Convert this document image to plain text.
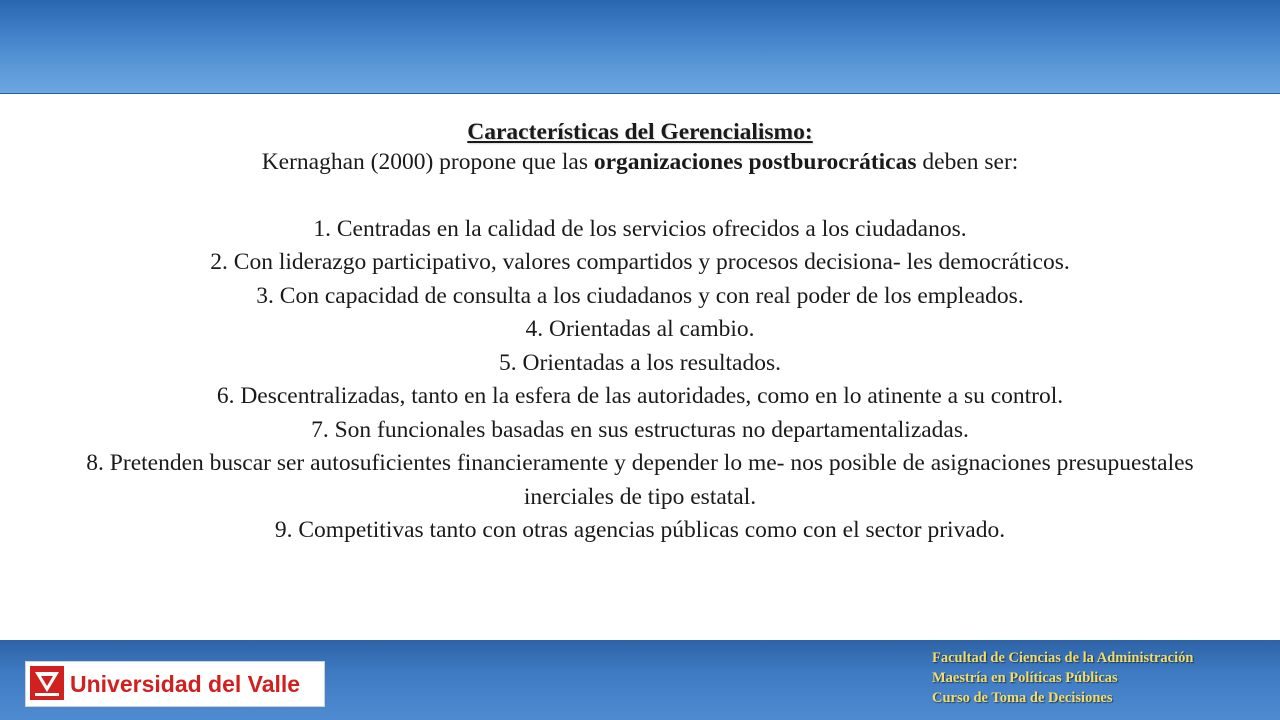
Características del Gerencialismo:

Kernaghan (2000) propone que las organizaciones postburocráticas deben ser:

1. Centradas en la calidad de los servicios ofrecidos a los ciudadanos.

2. Con liderazgo participativo, valores compartidos y procesos decisiona- les democráticos.

3. Con capacidad de consulta a los ciudadanos y con real poder de los empleados.

4. Orientadas al cambio.

5. Orientadas a los resultados.

6. Descentralizadas, tanto en la esfera de las autoridades, como en lo atinente a su control.

7. Son funcionales basadas en sus estructuras no departamentalizadas.

8. Pretenden buscar ser autosuficientes financieramente y depender lo me- nos posible de asignaciones presupuestales inerciales de tipo estatal.

9. Competitivas tanto con otras agencias públicas como con el sector privado.

Universidad del Valle
Facultad de Ciencias de la Administración
Maestría en Políticas Públicas
Curso de Toma de Decisiones
